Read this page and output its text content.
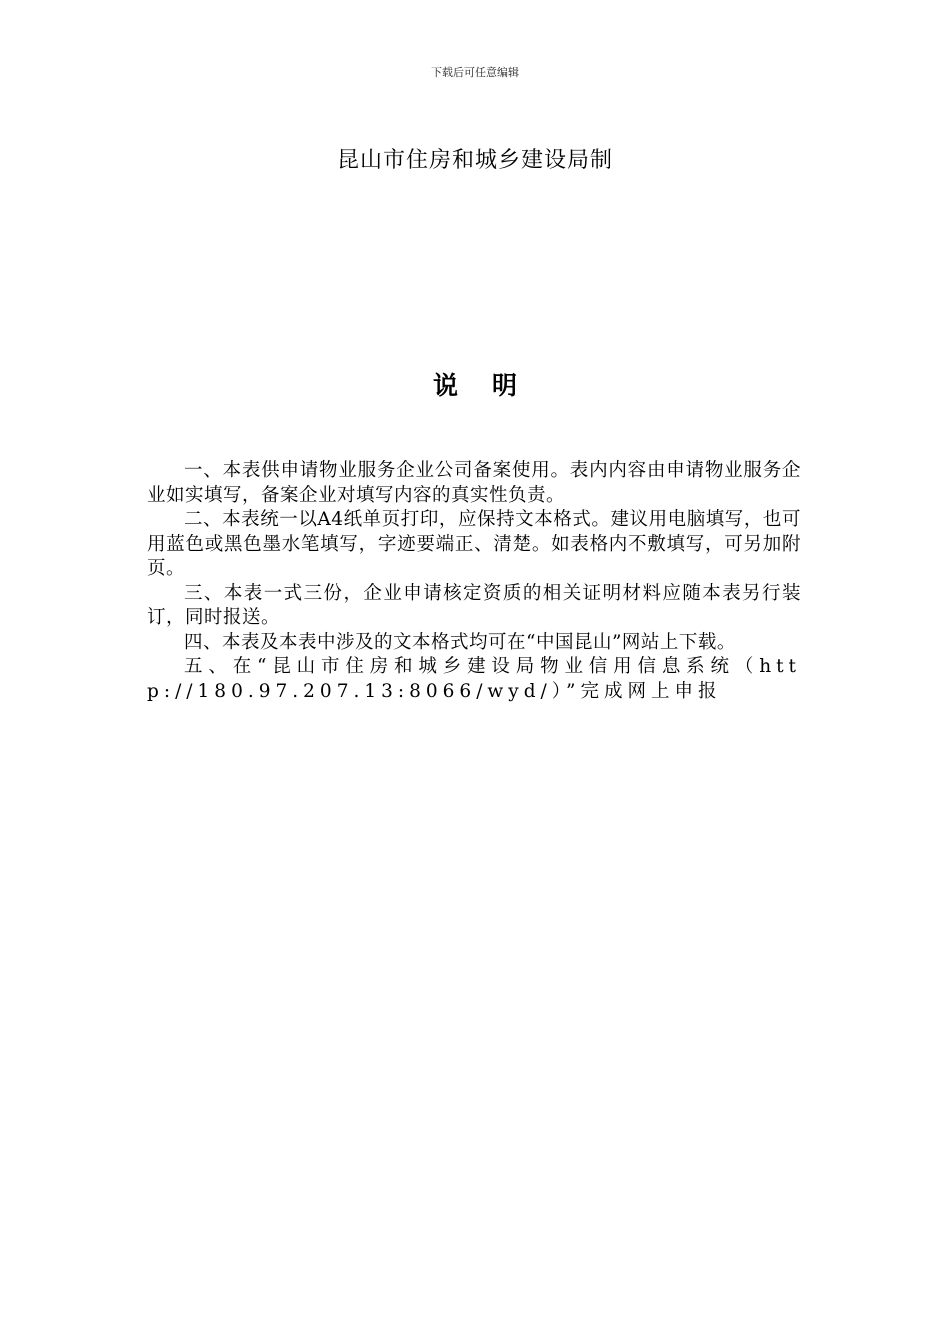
下载后可任意编辑
昆山市住房和城乡建设局制
说 明

一、本表供申请物业服务企业公司备案使用。表内内容由申请物业服务企业如实填写，备案企业对填写内容的真实性负责。

二、本表统一以A4纸单页打印，应保持文本格式。建议用电脑填写，也可用蓝色或黑色墨水笔填写，字迹要端正、清楚。如表格内不敷填写，可另加附页。

三、本表一式三份，企业申请核定资质的相关证明材料应随本表另行装订，同时报送。

四、本表及本表中涉及的文本格式均可在“中国昆山”网站上下载。

五、在“昆山市住房和城乡建设局物业信用信息系统（http://180.97.207.13:8066/wyd/）”完成网上申报
